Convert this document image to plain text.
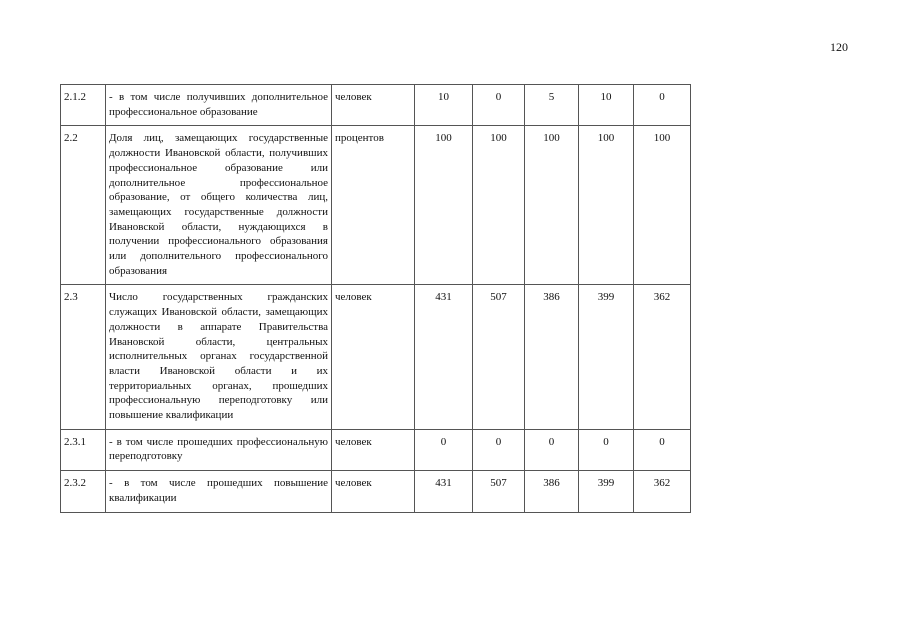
120
2.1.2	- в том числе получивших дополнительное профессиональное образование	человек	10	0	5	10	0
2.2	Доля лиц, замещающих государственные должности Ивановской области, получивших профессиональное образование или дополнительное профессиональное образование, от общего количества лиц, замещающих государственные должности Ивановской области, нуждающихся в получении профессионального образования или дополнительного профессионального образования	процентов	100	100	100	100	100
2.3	Число государственных гражданских служащих Ивановской области, замещающих должности в аппарате Правительства Ивановской области, центральных исполнительных органах государственной власти Ивановской области и их территориальных органах, прошедших профессиональную переподготовку или повышение квалификации	человек	431	507	386	399	362
2.3.1	- в том числе прошедших профессиональную переподготовку	человек	0	0	0	0	0
2.3.2	- в том числе прошедших повышение квалификации	человек	431	507	386	399	362
